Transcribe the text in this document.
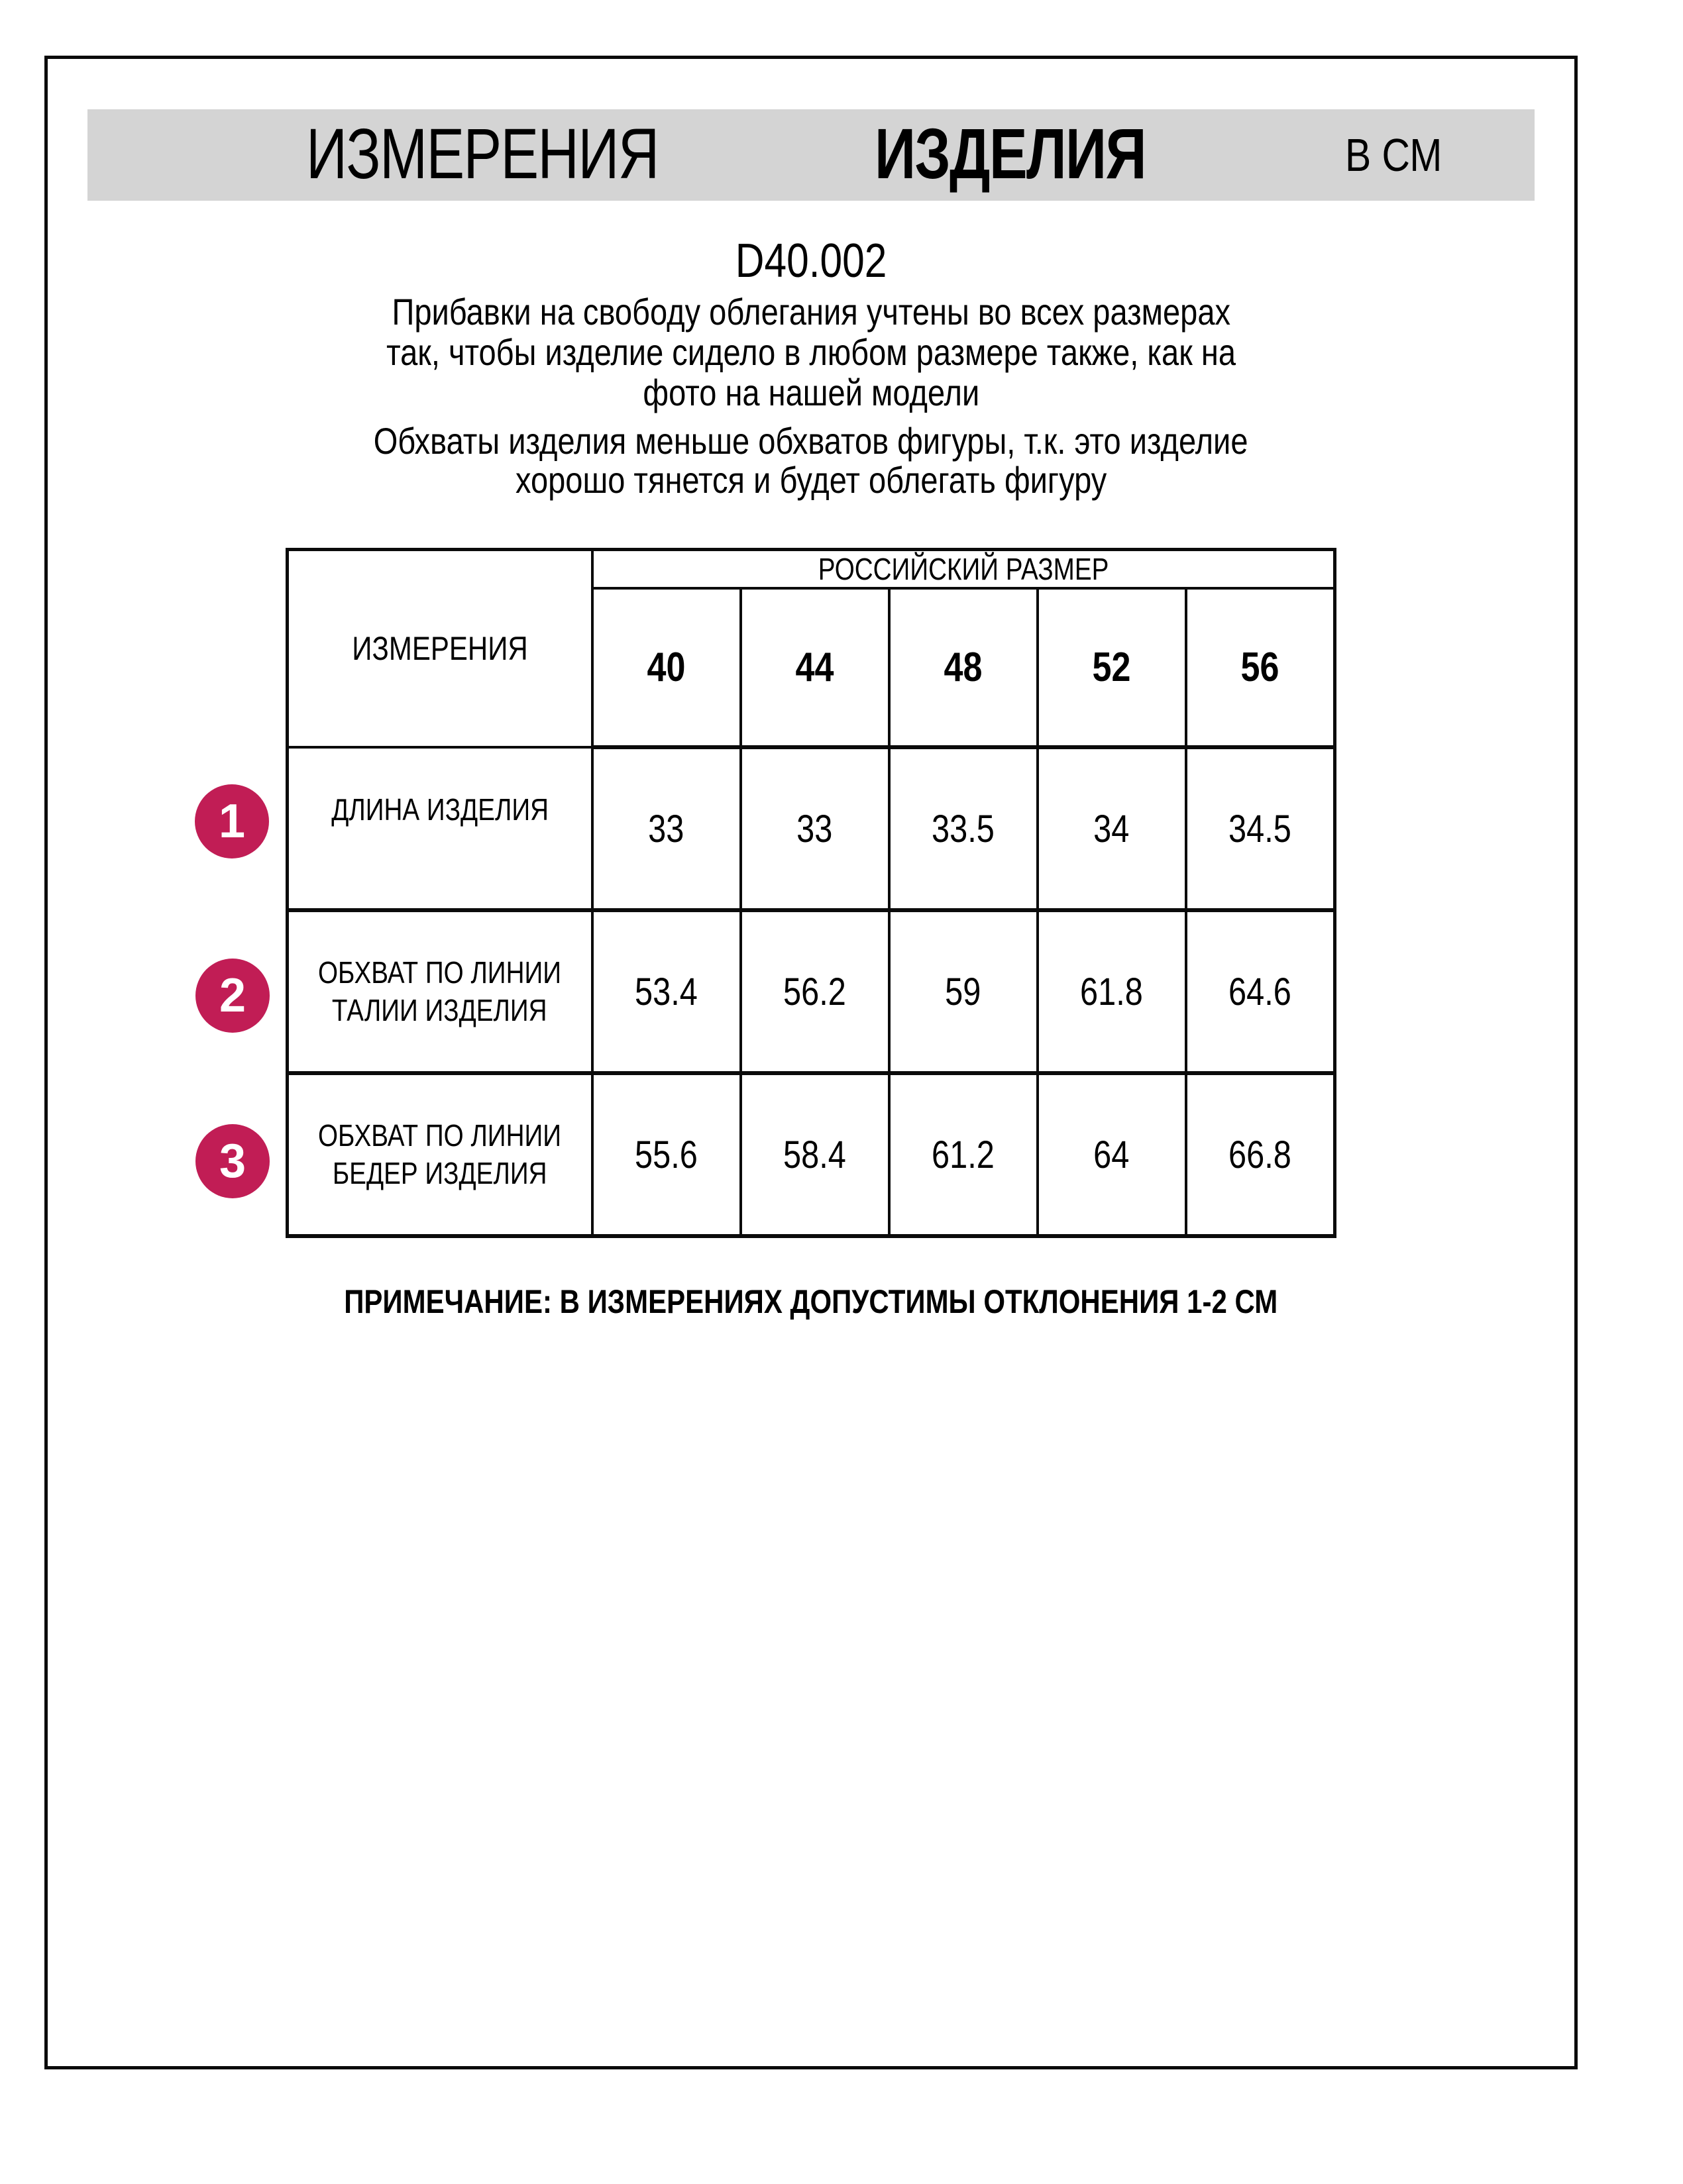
ИЗМЕРЕНИЯ	ИЗДЕЛИЯ	В СМ
D40.002
Прибавки на свободу облегания учтены во всех размерах
так, чтобы изделие сидело в любом размере также, как на
фото на нашей модели
Обхваты изделия меньше обхватов фигуры, т.к. это изделие
хорошо тянется и будет облегать фигуру
ИЗМЕРЕНИЯ	РОССИЙСКИЙ РАЗМЕР				
	40	44	48	52	56

ДЛИНА ИЗДЕЛИЯ	33	33	33.5	34	34.5

ОБХВАТ ПО ЛИНИИ
ТАЛИИ ИЗДЕЛИЯ	53.4	56.2	59	61.8	64.6

ОБХВАТ ПО ЛИНИИ
БЕДЕР ИЗДЕЛИЯ	55.6	58.4	61.2	64	66.8
1
2
3
ПРИМЕЧАНИЕ: В ИЗМЕРЕНИЯХ ДОПУСТИМЫ ОТКЛОНЕНИЯ 1-2 СМ
